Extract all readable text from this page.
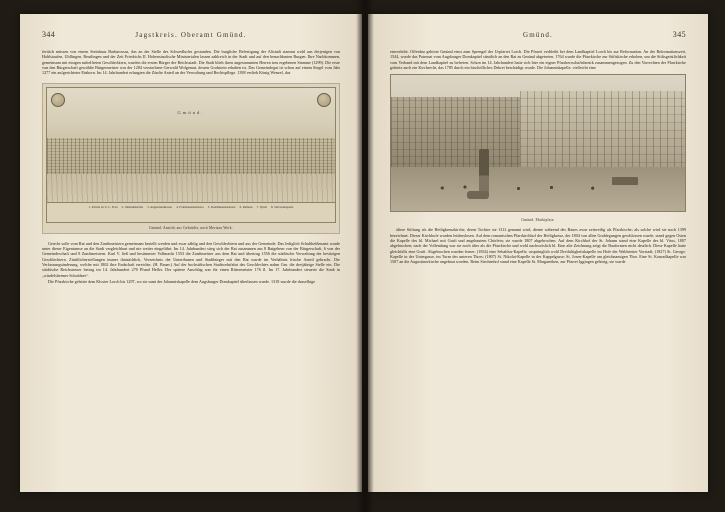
344	Jagstkreis. Oberamt Gmünd.

fertiich müssen von einem Steinhaus Barbarossas, das an der Stelle des Schwedhofes gestanden. Die burgliche Befestigung der Altstadt stammt wohl aus derjenigen von Hohlstaufen, Ubllingen, Reutlingen und der Zeit Friedrichs II. Hohenstaufische Ministerialen lassen zahlreich in der Stadt und auf den benachbarten Burgen. Ihre Nachkommen, gemeinsam mit einigen mittelfreien Geschlechtern, wurden die ersten Bürger der Reichsstadt. Die Stadt blieb ihren angestammten Herren treu ergebenen Stamme (1299). Die erste von den Bürgerschaft gewählte Bürgermeister war der 1284 verstorbene Gerwald Wolgemut, dessen Grabstein erhalten ist. Das Gemeindegut ist schon auf einem Siegel vom Jahr 1277 ein aufgerichteter Einhorn. Im 14. Jahrhundert erlangten die Zünfte Anteil an der Verwaltung und Rechtspflege. 1398 verlieh König Wenzel, das

Gmünd.
1. Kirche zu U. L. Frau 2. Johanniskirche 3. Augustinerkloster 4. Franziskanerkloster 5. Dominikanerkloster 6. Rathaus 7. Spital 8. Salvatorkapelle
Gmünd. Ansicht aus Gebrüder, nach Merians Werk.

Gericht solle vom Rat und den Zunftmeistern gemeinsam bestellt werden und zwar zählig und den Geschlechtern und aus der Gemeinde. Das lediglich Schultheißenamt wurde unter dieser Eigentumse an die Stadt vergleichbart und nie weiter eingeführt. Im 14. Jahrhundert stieg sich der Rat zusammen aus 8 Ratgebern von der Bürgerschaft, 6 von der Gemeindeschaft und 8 Zunftmeistern. Karl V. ließ und bestimmter Vollmacht 1553 die Zunftmeister aus dem Rat und übertrug 1556 die städtische Verwaltung der besitzigen Geschlechtern. Zünftlicherstellungen immer thatsächlich, Verzeichnis der Unterthanen und Stadtbürger mit den Rat wurde im Verhältnis frische Anteil gebracht. Die Verfassungsänderung, welche mit 1802 ihre Endschaft erreichte. (H. Bauer.) Auf der hochstiftschen Stadtwehrfahrt des Geschlechtes nahm Gm. die dreijährige Stelle ein. Die städtische Reichssteuer betrug im 14. Jahrhundert 270 Pfund Heller. Der spätere Anschlag war für einen Rittermeister 176 fl. Im 17. Jahrhundert steuerte die Stadt in „windelsheimer Schuldner“.

Die Pfarrkirche gehörte dem Kloster Lorch bis 1297, wo sie samt der Johanniskapelle dem Augsburger Domkapitel überlassen wurde. 1318 wurde die dasselbige

Gmünd.	345

einverleibt. Offenbar gehörte Gmünd einst zum Sprengel der Urpfarrei Lorch. Die Pfarrei verbleibt bei dem Landkapitel Lorch bis zur Reformation. An der Reformationszeit, 1544, wurde das Patronat vom Augsburger Domkapitel sämtlich an den Rat zu Gmünd abgetreten. 1764 wurde die Pfarrkirche zur Stiftskirche erhoben, um die Stiftsgeistlichkeit vom Verband mit dem Landkapitel zu befreien. Schon im 14. Jahrhundert hatte sich hier ein eigner Pfarrherrschaftsbezirk zusammengezogen. Zu den Vorrechten der Pfarrkirche gehörte auch ein Kirchrecht, das 1785 durch ein bischöfliches Dekret beschädigt wurde. Die Johanniskapelle, vielleicht eine

Gmünd. Marktplatz.

ältere Stiftung als die Heiligkreuzkirche, deren Tochter sie 1312 genannt wird, diente während des Baues zwar zeitweilig als Pfarrkirche; als solche wird sie noch 1399 bezeichnet. Dieser Kirchhofe wurden leidenslosen. Auf dem romanischen Pfarrkirchhof der Heiligkreuz, der 1804 von allen Grablegungen geschlossen wurde, stand gegen Osten die Kapelle des hl. Michael mit Gruft und angebautem Chörlein; sie wurde 1807 abgebrochen. Auf dem Kirchhof der St. Johann stand eine Kapelle des hl. Vitus, 1807 abgebrochen; nach der Vollendung war sie noch älter als die Pfarrkirche und wohl nachweislich hl. Eine alte Zeichnung zeigt die Bauformen nicht deutlich. Diese Kapelle hatte gleichfalls eine Gruft. Abgebrochen wurden ferner: (1834) eine Sebaldus-Kapelle, ursprünglich wohl Dreifaltigkeitskapelle im Hofe der Waldstetter Vorstadt; (1827) St. Georgs-Kapelle in der Untergasse, im Turm des unteren Thors; (1807) St. Nikolai-Kapelle in der Kappelgasse; St. Josen-Kapelle am gleichnamigen Thor. Eine St. Konradkapelle war 1507 an die Augustinerkirche angebaut worden. Beim Siechenhof stand eine Kapelle St. Margarethen, zur Pfarrei Iggingen gehörig; sie wurde
